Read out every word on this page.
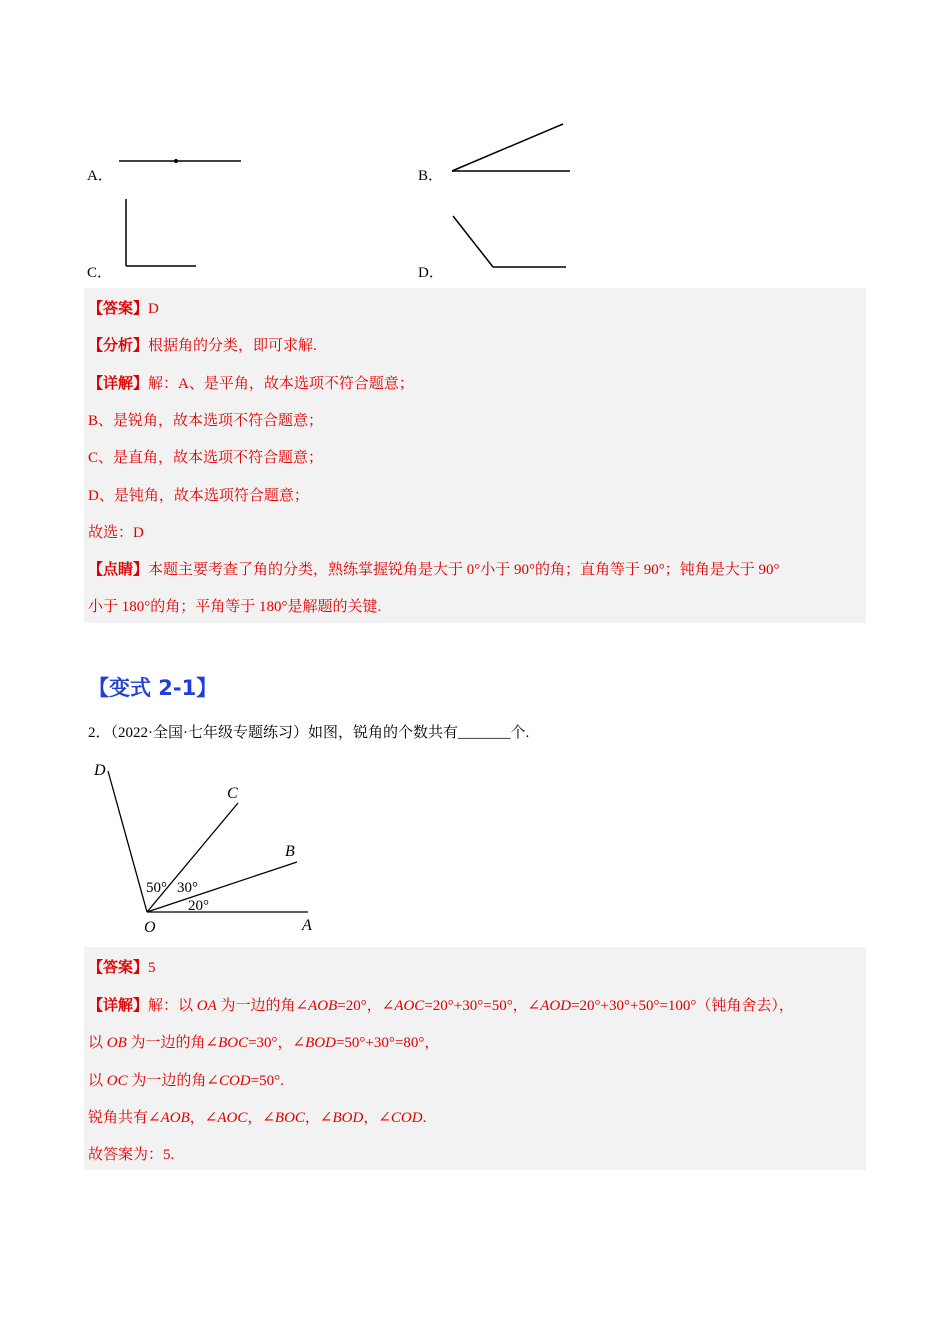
A．	B．
C．	D．
【答案】D
【分析】根据角的分类，即可求解.
【详解】解：A、是平角，故本选项不符合题意；
B、是锐角，故本选项不符合题意；
C、是直角，故本选项不符合题意；
D、是钝角，故本选项符合题意；
故选：D
【点睛】本题主要考查了角的分类，熟练掌握锐角是大于 0°小于 90°的角；直角等于 90°；钝角是大于 90°
小于 180°的角；平角等于 180°是解题的关键.
【变式 2-1】
2．（2022·全国·七年级专题练习）如图，锐角的个数共有_______个.
D
C
B
O	A
50° 30°
20°
【答案】5
【详解】解：以 OA 为一边的角∠AOB=20°，∠AOC=20°+30°=50°，∠AOD=20°+30°+50°=100°（钝角舍去），
以 OB 为一边的角∠BOC=30°，∠BOD=50°+30°=80°，
以 OC 为一边的角∠COD=50°.
锐角共有∠AOB，∠AOC，∠BOC，∠BOD，∠COD.
故答案为：5.
